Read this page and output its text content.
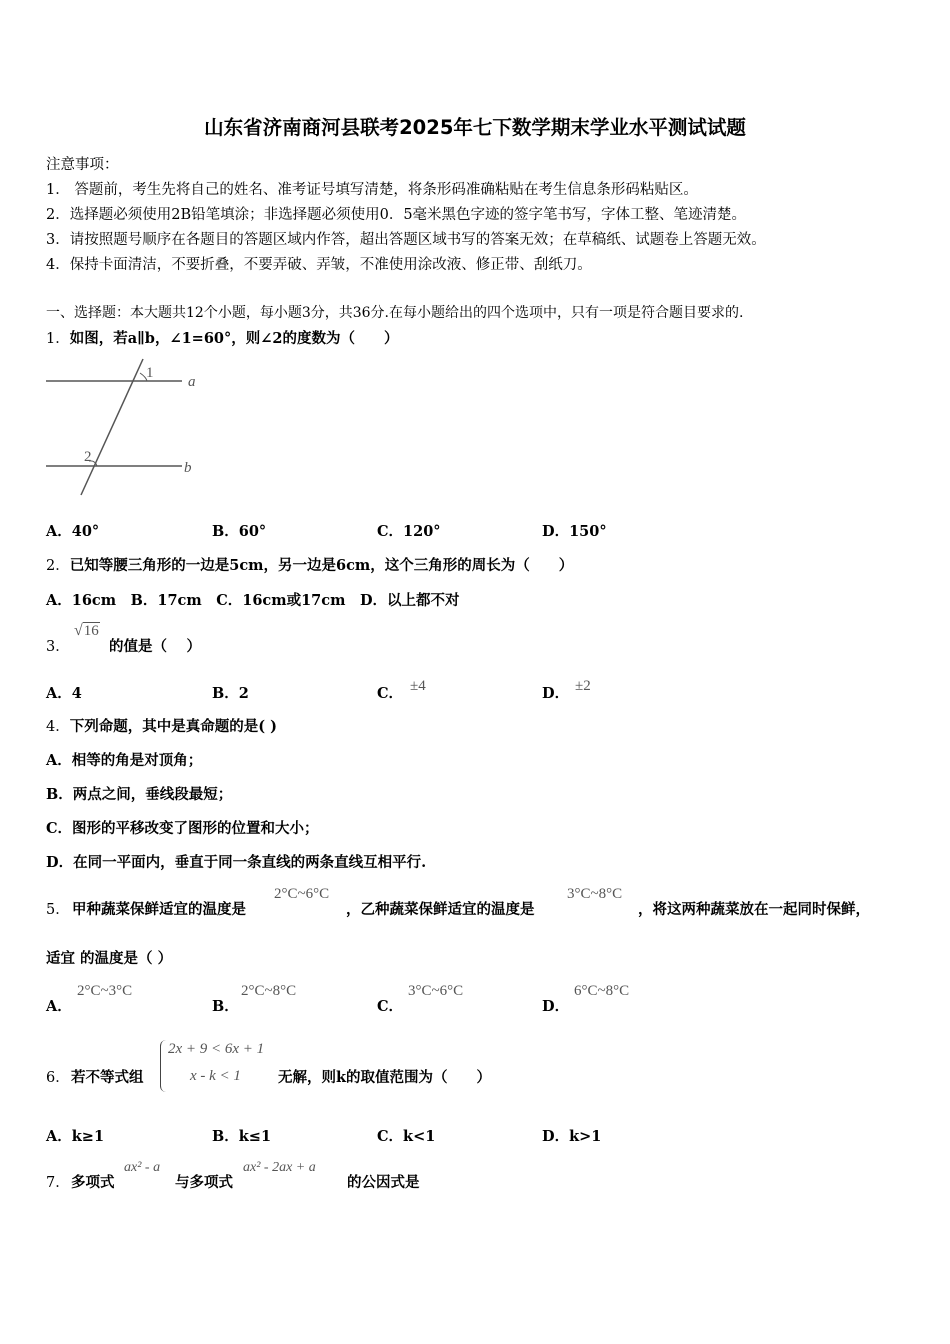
山东省济南商河县联考2025年七下数学期末学业水平测试试题
注意事项：
1． 答题前，考生先将自己的姓名、准考证号填写清楚，将条形码准确粘贴在考生信息条形码粘贴区。
2．选择题必须使用2B铅笔填涂；非选择题必须使用0．5毫米黑色字迹的签字笔书写，字体工整、笔迹清楚。
3．请按照题号顺序在各题目的答题区域内作答，超出答题区域书写的答案无效；在草稿纸、试题卷上答题无效。
4．保持卡面清洁，不要折叠，不要弄破、弄皱，不准使用涂改液、修正带、刮纸刀。
一、选择题：本大题共12个小题，每小题3分，共36分.在每小题给出的四个选项中，只有一项是符合题目要求的.
1．如图，若a∥b，∠1=60°，则∠2的度数为（　　）
1
2
a
b
A．40°	B．60°	C．120°	D．150°
2．已知等腰三角形的一边是5cm，另一边是6cm，这个三角形的周长为（　　）
A．16cm　B．17cm　C．16cm或17cm　D．以上都不对
3．
√16
的值是（　 ）
A．4	B．2	C． ±4	D． ±2
4．下列命题，其中是真命题的是( )
A．相等的角是对顶角；
B．两点之间，垂线段最短；
C．图形的平移改变了图形的位置和大小；
D．在同一平面内，垂直于同一条直线的两条直线互相平行.
5． 甲种蔬菜保鲜适宜的温度是
2°C~6°C
，乙种蔬菜保鲜适宜的温度是
3°C~8°C
，将这两种蔬菜放在一起同时保鲜，
适宜 的温度是（ ）
A．
2°C~3°C
B．
2°C~8°C
C．
3°C~6°C
D．
6°C~8°C
6． 若不等式组
2x + 9 < 6x + 1
x - k < 1	无解，则k的取值范围为（　　）
A．k≥1	B．k≤1	C．k<1	D．k>1
7． 多项式
ax² - a
与多项式
ax² - 2ax + a
的公因式是
